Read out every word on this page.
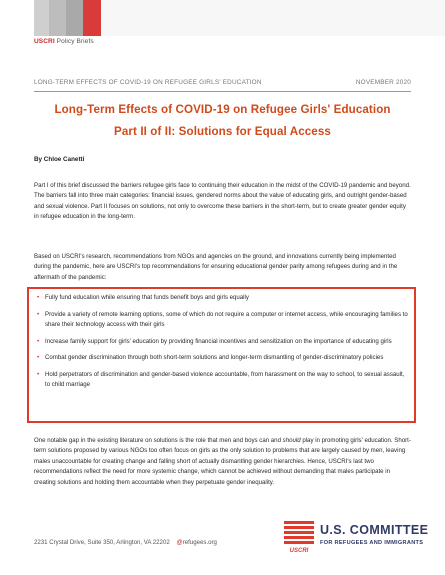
USCRI Policy Briefs
LONG-TERM EFFECTS OF COVID-19 ON REFUGEE GIRLS' EDUCATION	NOVEMBER 2020
Long-Term Effects of COVID-19 on Refugee Girls' Education
Part II of II: Solutions for Equal Access
By Chloe Canetti

Part I of this brief discussed the barriers refugee girls face to continuing their education in the midst of the COVID-19 pandemic and beyond. The barriers fall into three main categories: financial issues, gendered norms about the value of educating girls, and outright gender-based and sexual violence. Part II focuses on solutions, not only to overcome these barriers in the short-term, but to create greater gender equity in refugee education in the long-term.

Based on USCRI's research, recommendations from NGOs and agencies on the ground, and innovations currently being implemented during the pandemic, here are USCRI's top recommendations for ensuring educational gender parity among refugees during and in the aftermath of the pandemic:

• Fully fund education while ensuring that funds benefit boys and girls equally
• Provide a variety of remote learning options, some of which do not require a computer or internet access, while encouraging families to share their technology access with their girls
• Increase family support for girls' education by providing financial incentives and sensitization on the importance of educating girls
• Combat gender discrimination through both short-term solutions and longer-term dismantling of gender-discriminatory policies
• Hold perpetrators of discrimination and gender-based violence accountable, from harassment on the way to school, to sexual assault, to child marriage

One notable gap in the existing literature on solutions is the role that men and boys can and should play in promoting girls' education. Short-term solutions proposed by various NGOs too often focus on girls as the only solution to problems that are largely caused by men, leaving males unaccountable for creating change and falling short of actually dismantling gender hierarchies. Hence, USCRI's last two recommendations reflect the need for more systemic change, which cannot be achieved without demanding that males participate in creating solutions and holding them accountable when they perpetuate gender inequality.

2231 Crystal Drive, Suite 350, Arlington, VA 22202 @refugees.org
USCRI
U.S. COMMITTEE
FOR REFUGEES AND IMMIGRANTS
